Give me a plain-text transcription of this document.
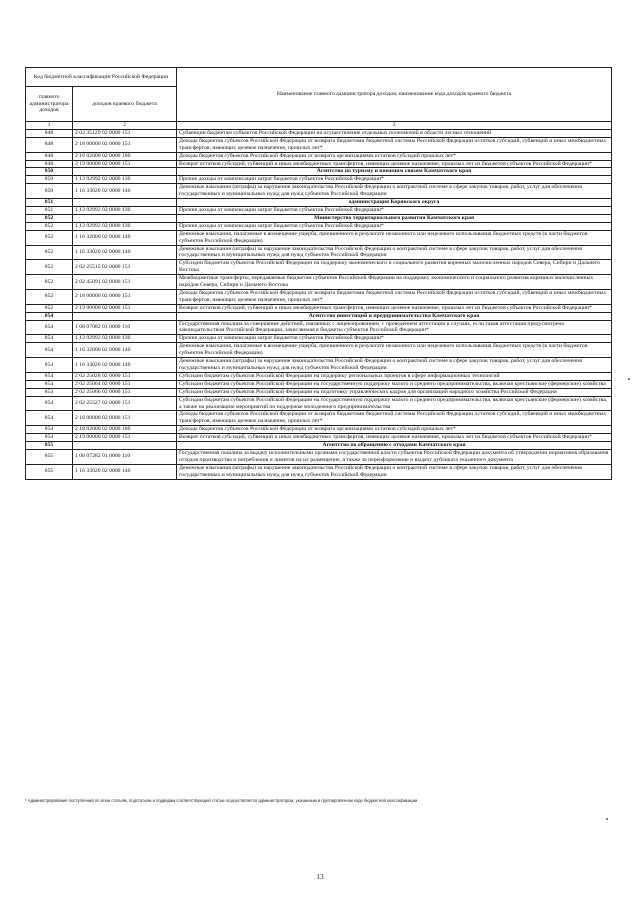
Код бюджетной классификации Российской Федерации		Наименование главного администратора доходов, наименование кода доходов краевого бюджета
главного администратора доходов	доходов краевого бюджета	
1	2	3
848	2 02 35129 02 0000 151	Субвенции бюджетам субъектов Российской Федерации на осуществление отдельных полномочий в области лесных отношений
848	2 18 00000 02 0000 151	Доходы бюджетов субъектов Российской Федерации от возврата бюджетами бюджетной системы Российской Федерации остатков субсидий, субвенций и иных межбюджетных трансфертов, имеющих целевое назначение, прошлых лет*
848	2 18 02000 02 0000 180	Доходы бюджетов субъектов Российской Федерации от возврата организациями остатков субсидий прошлых лет*
848	2 19 00000 02 0000 151	Возврат остатков субсидий, субвенций и иных межбюджетных трансфертов, имеющих целевое назначение, прошлых лет из бюджетов субъектов Российской Федерации*
850		Агентство по туризму и внешним связям Камчатского края
850	1 13 02992 02 0000 130	Прочие доходы от компенсации затрат бюджетов субъектов Российской Федерации*
850	1 16 33020 02 0000 140	Денежные взыскания (штрафы) за нарушение законодательства Российской Федерации о контрактной системе в сфере закупок товаров, работ, услуг для обеспечения государственных и муниципальных нужд для нужд субъектов Российской Федерации
851		администрация Корякского округа
851	1 13 02992 02 0000 130	Прочие доходы от компенсации затрат бюджетов субъектов Российской Федерации*
852		Министерство территориального развития Камчатского края
852	1 13 02992 02 0000 130	Прочие доходы от компенсации затрат бюджетов субъектов Российской Федерации*
852	1 16 32000 02 0000 140	Денежные взыскания, налагаемые в возмещение ущерба, причиненного в результате незаконного или нецелевого использования бюджетных средств (в части бюджетов субъектов Российской Федерации)
852	1 16 33020 02 0000 140	Денежные взыскания (штрафы) за нарушение законодательства Российской Федерации о контрактной системе в сфере закупок товаров, работ, услуг для обеспечения государственных и муниципальных нужд для нужд субъектов Российской Федерации
852	2 02 25515 02 0000 151	Субсидии бюджетам субъектов Российской Федерации на поддержку экономического и социального развития коренных малочисленных народов Севера, Сибири и Дальнего Востока
852	2 02 45091 02 0000 151	Межбюджетные трансферты, передаваемые бюджетам субъектов Российской Федерации на поддержку экономического и социального развития коренных малочисленных народов Севера, Сибири и Дальнего Востока
852	2 18 00000 02 0000 151	Доходы бюджетов субъектов Российской Федерации от возврата бюджетами бюджетной системы Российской Федерации остатков субсидий, субвенций и иных межбюджетных трансфертов, имеющих целевое назначение, прошлых лет*
852	2 19 00000 02 0000 151	Возврат остатков субсидий, субвенций и иных межбюджетных трансфертов, имеющих целевое назначение, прошлых лет из бюджетов субъектов Российской Федерации*
854		Агентство инвестиций и предпринимательства Камчатского края
854	1 08 07082 01 0000 110	Государственная пошлина за совершение действий, связанных с лицензированием, с проведением аттестации в случаях, если такая аттестация предусмотрена законодательством Российской Федерации, зачисляемая в бюджеты субъектов Российской Федерации*
854	1 13 02992 02 0000 130	Прочие доходы от компенсации затрат бюджетов субъектов Российской Федерации*
854	1 16 32000 02 0000 140	Денежные взыскания, налагаемые в возмещение ущерба, причиненного в результате незаконного или нецелевого использования бюджетных средств (в части бюджетов субъектов Российской Федерации)
854	1 16 33020 02 0000 140	Денежные взыскания (штрафы) за нарушение законодательства Российской Федерации о контрактной системе в сфере закупок товаров, работ, услуг для обеспечения государственных и муниципальных нужд для нужд субъектов Российской Федерации
854	2 02 25028 02 0000 151	Субсидии бюджетам субъектов Российской Федерации на поддержку региональных проектов в сфере информационных технологий
854	2 02 25064 02 0000 151	Субсидии бюджетам субъектов Российской Федерации на государственную поддержку малого и среднего предпринимательства, включая крестьянские (фермерские) хозяйства
854	2 02 25066 02 0000 151	Субсидии бюджетам субъектов Российской Федерации на подготовку управленческих кадров для организаций народного хозяйства Российской Федерации
854	2 02 25527 02 0000 151	Субсидии бюджетам субъектов Российской Федерации на государственную поддержку малого и среднего предпринимательства, включая крестьянские (фермерские) хозяйства, а также на реализацию мероприятий по поддержке молодежного предпринимательства
854	2 18 00000 02 0000 151	Доходы бюджетов субъектов Российской Федерации от возврата бюджетами бюджетной системы Российской Федерации остатков субсидий, субвенций и иных межбюджетных трансфертов, имеющих целевое назначение, прошлых лет*
854	2 18 02000 02 0000 180	Доходы бюджетов субъектов Российской Федерации от возврата организациями остатков субсидий прошлых лет*
854	2 19 00000 02 0000 151	Возврат остатков субсидий, субвенций и иных межбюджетных трансфертов, имеющих целевое назначение, прошлых лет из бюджетов субъектов Российской Федерации*
855		Агентство по обращению с отходами Камчатского края
855	1 08 07282 01 0000 110	Государственная пошлина за выдачу исполнительными органами государственной власти субъектов Российской Федерации документа об утверждении нормативов образования отходов производства и потребления и лимитов на их размещение, а также за переоформление и выдачу дубликата указанного документа
855	1 16 33020 02 0000 140	Денежные взыскания (штрафы) за нарушение законодательства Российской Федерации о контрактной системе в сфере закупок товаров, работ, услуг для обеспечения государственных и муниципальных нужд для нужд субъектов Российской Федерации
* Администрирование поступлений по всем статьям, подстатьям и подвидам соответствующей статьи осуществляется администратором, указанным в группировочном коде бюджетной классификации
13
